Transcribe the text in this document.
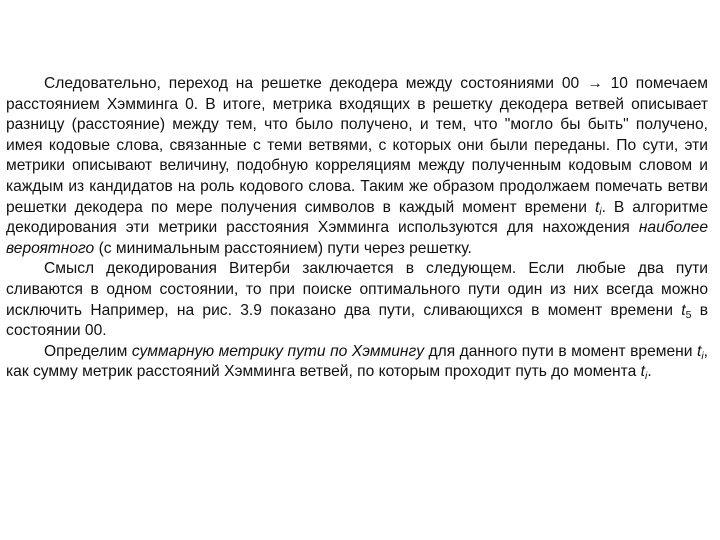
Следовательно, переход на решетке декодера между состояниями 00 → 10 помечаем расстоянием Хэмминга 0. В итоге, метрика входящих в решетку декодера ветвей описывает разницу (расстояние) между тем, что было получено, и тем, что "могло бы быть" получено, имея кодовые слова, связанные с теми ветвями, с которых они были переданы. По сути, эти метрики описывают величину, подобную корреляциям между полученным кодовым словом и каждым из кандидатов на роль кодового слова. Таким же образом продолжаем помечать ветви решетки декодера по мере получения символов в каждый момент времени $t_i$. В алгоритме декодирования эти метрики расстояния Хэмминга используются для нахождения наиболее вероятного (с минимальным расстоянием) пути через решетку.

Смысл декодирования Витерби заключается в следующем. Если любые два пути сливаются в одном состоянии, то при поиске оптимального пути один из них всегда можно исключить Например, на рис. 3.9 показано два пути, сливающихся в момент времени $t_5$ в состоянии 00.

Определим суммарную метрику пути по Хэммингу для данного пути в момент времени $t_i$, как сумму метрик расстояний Хэмминга ветвей, по которым проходит путь до момента $t_i$.
